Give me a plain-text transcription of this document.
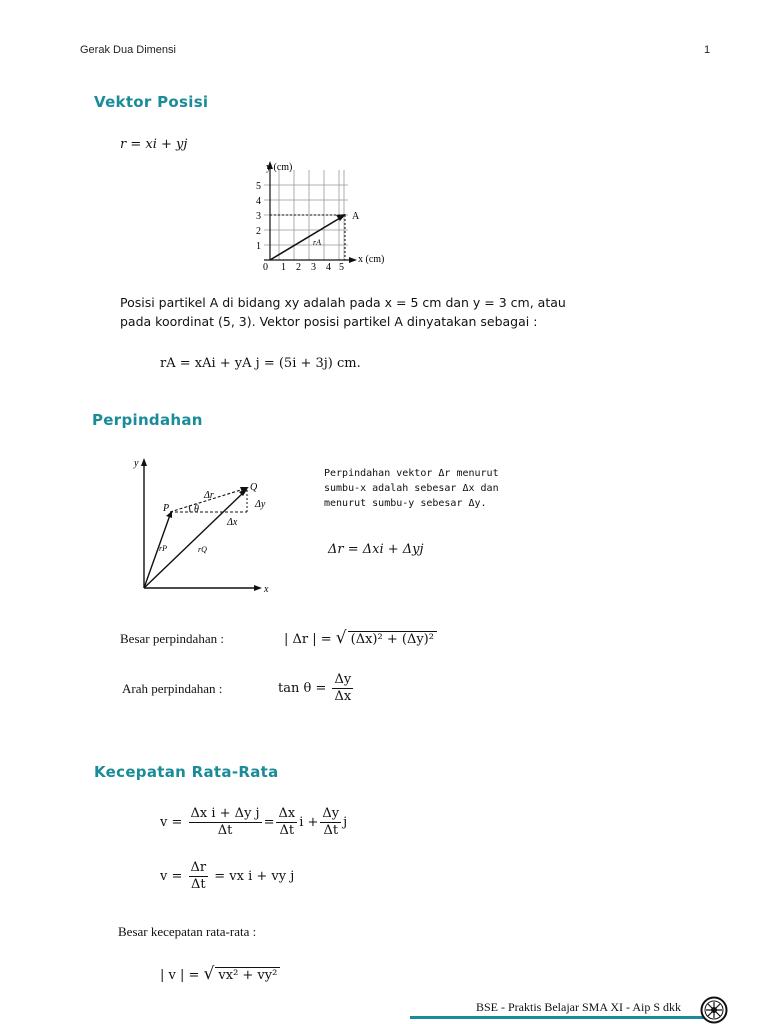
Gerak Dua Dimensi	1
Vektor Posisi
r = xi + yj
y (cm)
x (cm)
5
4
3
2
1
0 1 2 3 4 5
A
rA
Posisi partikel A di bidang xy adalah pada x = 5 cm dan y = 3 cm, atau
pada koordinat (5, 3). Vektor posisi partikel A dinyatakan sebagai :
rA = xAi + yA j = (5i + 3j) cm.
Perpindahan
y
x
P
Q
Δr
Δy
Δx
θ
rP	rQ
Perpindahan vektor Δr menurut
sumbu-x adalah sebesar Δx dan
menurut sumbu-y sebesar Δy.
Δr = Δxi + Δyj
Besar perpindahan :	| Δr | = √ (Δx)² + (Δy)²
Arah perpindahan :	$\tan \theta = \frac{\Delta y}{\Delta x}$
Kecepatan Rata-Rata
$v = \frac{\text{Δx i + Δy j}}{\Delta t} = \frac{\Delta x}{\Delta t}$ $i + \frac{\Delta y}{\Delta t}$ j
$v = \frac{\Delta r}{\Delta t}$ = vx i + vy j
Besar kecepatan rata-rata :
| v | = √ vx² + vy²
BSE - Praktis Belajar SMA XI - Aip S dkk
